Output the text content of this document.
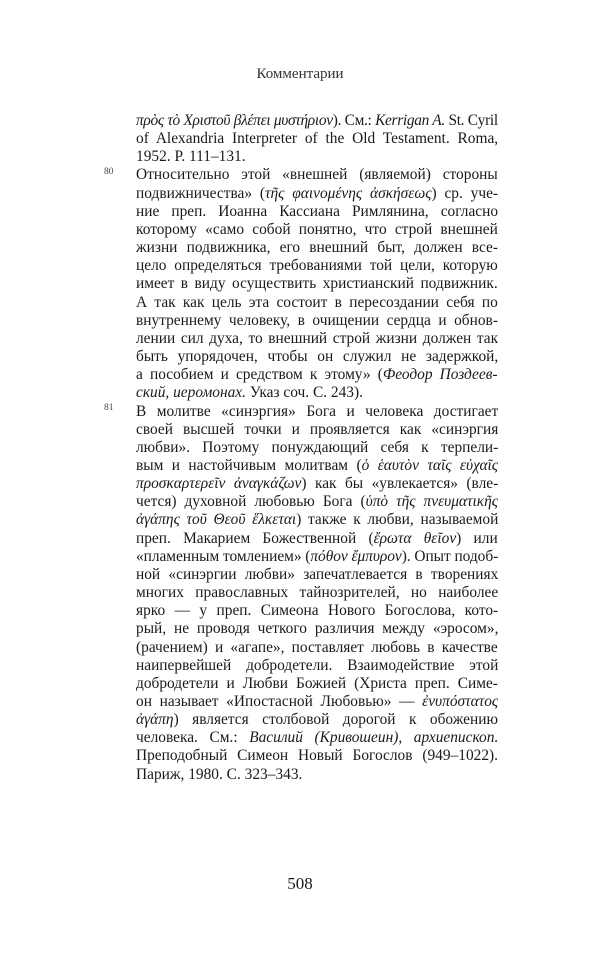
Комментарии
πρὸς τὸ Χριστοῦ βλέπει μυστήριον). См.: Kerrigan A. St. Cyril
of Alexandria Interpreter of the Old Testament. Roma,
1952. P. 111–131.
Относительно этой «внешней (являемой) стороны
подвижничества» (τῆς φαινομένης ἀσκήσεως) ср. уче-
ние преп. Иоанна Кассиана Римлянина, согласно
которому «само собой понятно, что строй внешней
жизни подвижника, его внешний быт, должен все-
цело определяться требованиями той цели, которую
имеет в виду осуществить христианский подвижник.
А так как цель эта состоит в пересоздании себя по
внутреннему человеку, в очищении сердца и обнов-
лении сил духа, то внешний строй жизни должен так
быть упорядочен, чтобы он служил не задержкой,
а пособием и средством к этому» (Феодор Поздеев-
ский, иеромонах. Указ соч. С. 243).
В молитве «синэргия» Бога и человека достигает
своей высшей точки и проявляется как «синэргия
любви». Поэтому понуждающий себя к терпели-
вым и настойчивым молитвам (ὁ ἑαυτὸν ταῖς εὐχαῖς
προσκαρτερεῖν ἀναγκάζων) как бы «увлекается» (вле-
чется) духовной любовью Бога (ὑπὸ τῆς πνευματικῆς
ἀγάπης τοῦ Θεοῦ ἕλκεται) также к любви, называемой
преп. Макарием Божественной (ἔρωτα θεῖον) или
«пламенным томлением» (πόθον ἔμπυρον). Опыт подоб-
ной «синэргии любви» запечатлевается в творениях
многих православных тайнозрителей, но наиболее
ярко — у преп. Симеона Нового Богослова, кото-
рый, не проводя четкого различия между «эросом»,
(рачением) и «агапе», поставляет любовь в качестве
наипервейшей добродетели. Взаимодействие этой
добродетели и Любви Божией (Христа преп. Симе-
он называет «Ипостасной Любовью» — ἐνυπόστατος
ἀγάπη) является столбовой дорогой к обожению
человека. См.: Василий (Кривошеин), архиепископ.
Преподобный Симеон Новый Богослов (949–1022).
Париж, 1980. С. 323–343.
508
80
81
